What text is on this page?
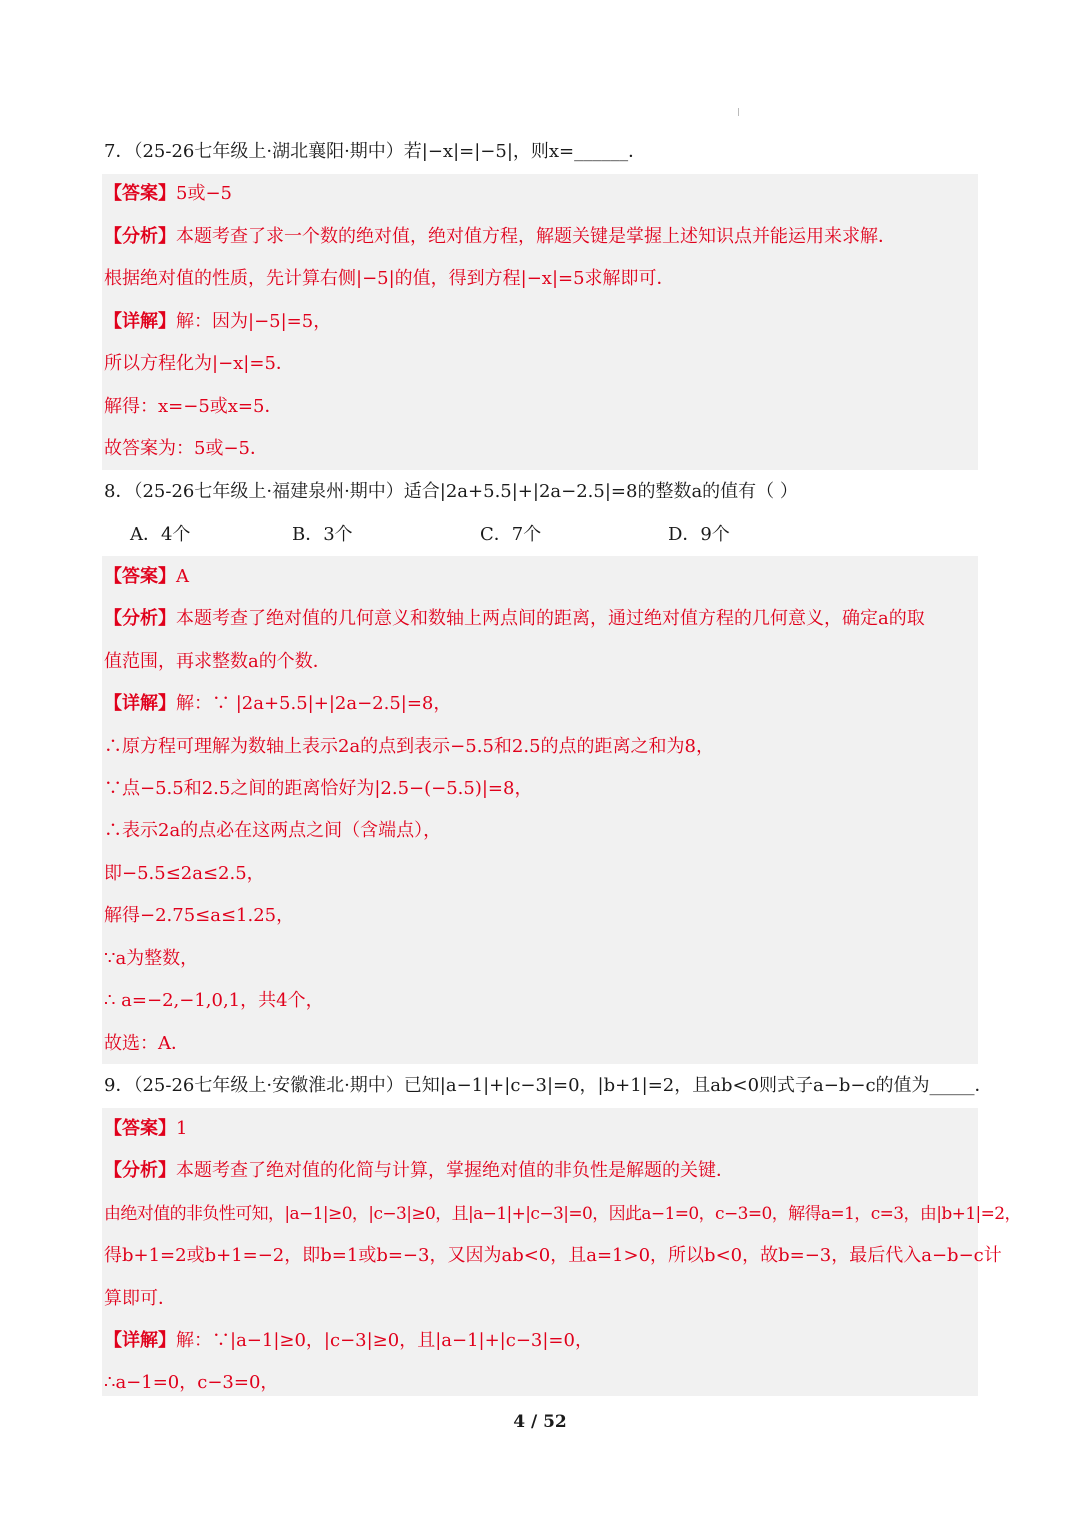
7．（25-26七年级上·湖北襄阳·期中）若|−x|=|−5|，则x=______．
【答案】5或−5
【分析】本题考查了求一个数的绝对值，绝对值方程，解题关键是掌握上述知识点并能运用来求解．
根据绝对值的性质，先计算右侧|−5|的值，得到方程|−x|=5求解即可．
【详解】解：因为|−5|=5，
所以方程化为|−x|=5．
解得：x=−5或x=5．
故答案为：5或−5．
8．（25-26七年级上·福建泉州·期中）适合|2a+5.5|+|2a−2.5|=8的整数a的值有（ ）
A．4个	B．3个	C．7个	D．9个
【答案】A
【分析】本题考查了绝对值的几何意义和数轴上两点间的距离，通过绝对值方程的几何意义，确定a的取
值范围，再求整数a的个数．
【详解】解：∵ |2a+5.5|+|2a−2.5|=8，
∴原方程可理解为数轴上表示2a的点到表示−5.5和2.5的点的距离之和为8，
∵点−5.5和2.5之间的距离恰好为|2.5−(−5.5)|=8，
∴表示2a的点必在这两点之间（含端点），
即−5.5≤2a≤2.5，
解得−2.75≤a≤1.25，
∵a为整数，
∴ a=−2,−1,0,1，共4个，
故选：A．
9．（25-26七年级上·安徽淮北·期中）已知|a−1|+|c−3|=0，|b+1|=2，且ab<0则式子a−b−c的值为_____．
【答案】1
【分析】本题考查了绝对值的化简与计算，掌握绝对值的非负性是解题的关键．
由绝对值的非负性可知，|a−1|≥0，|c−3|≥0，且|a−1|+|c−3|=0，因此a−1=0，c−3=0，解得a=1，c=3，由|b+1|=2，
得b+1=2或b+1=−2，即b=1或b=−3，又因为ab<0，且a=1>0，所以b<0，故b=−3，最后代入a−b−c计
算即可．
【详解】解：∵|a−1|≥0，|c−3|≥0，且|a−1|+|c−3|=0，
∴a−1=0，c−3=0，
4 / 52
